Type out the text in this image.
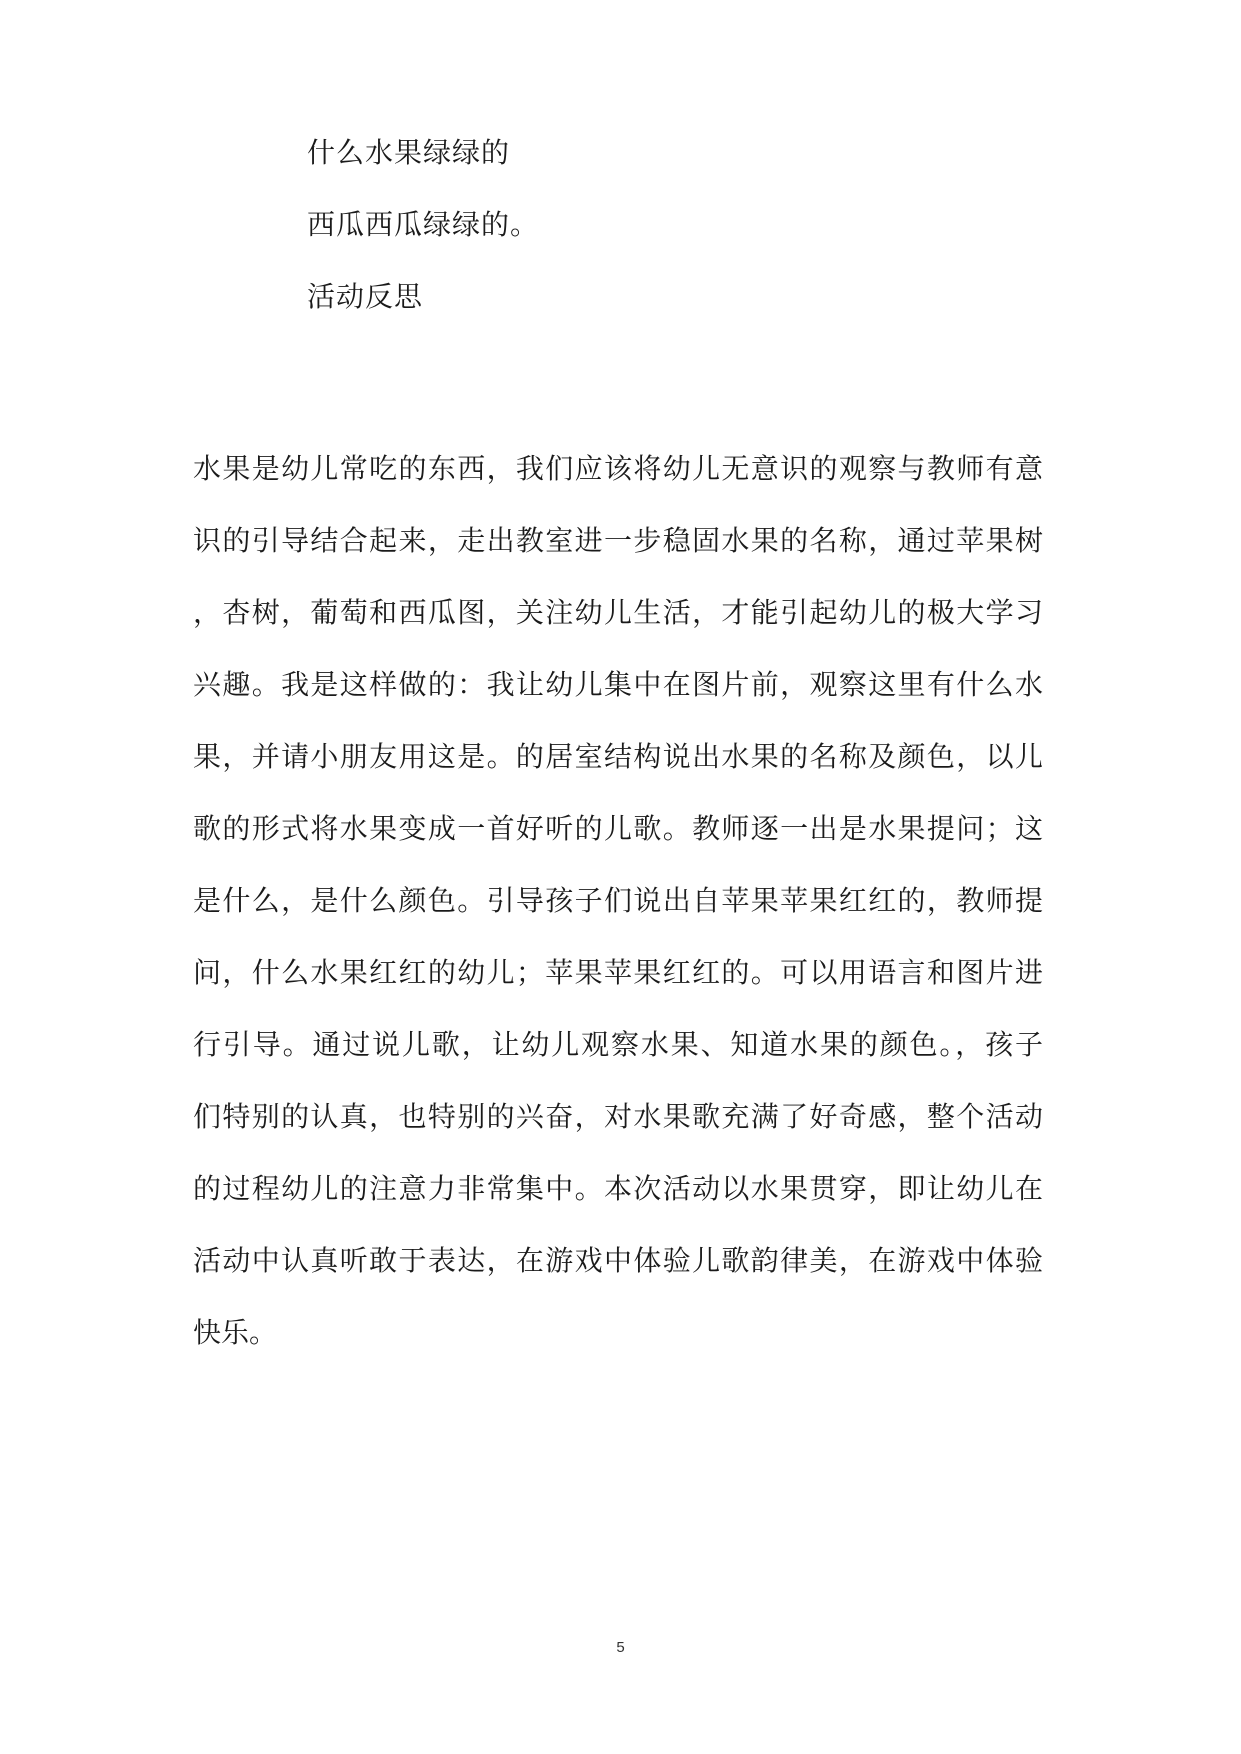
什么水果绿绿的
西瓜西瓜绿绿的。
活动反思
水果是幼儿常吃的东西，我们应该将幼儿无意识的观察与教师有意
识的引导结合起来，走出教室进一步稳固水果的名称，通过苹果树
，杏树，葡萄和西瓜图，关注幼儿生活，才能引起幼儿的极大学习
兴趣。我是这样做的：我让幼儿集中在图片前，观察这里有什么水
果，并请小朋友用这是。的居室结构说出水果的名称及颜色，以儿
歌的形式将水果变成一首好听的儿歌。教师逐一出是水果提问；这
是什么，是什么颜色。引导孩子们说出自苹果苹果红红的，教师提
问，什么水果红红的幼儿；苹果苹果红红的。可以用语言和图片进
行引导。通过说儿歌，让幼儿观察水果、知道水果的颜色。，孩子
们特别的认真，也特别的兴奋，对水果歌充满了好奇感，整个活动
的过程幼儿的注意力非常集中。本次活动以水果贯穿，即让幼儿在
活动中认真听敢于表达，在游戏中体验儿歌韵律美，在游戏中体验
快乐。
5
